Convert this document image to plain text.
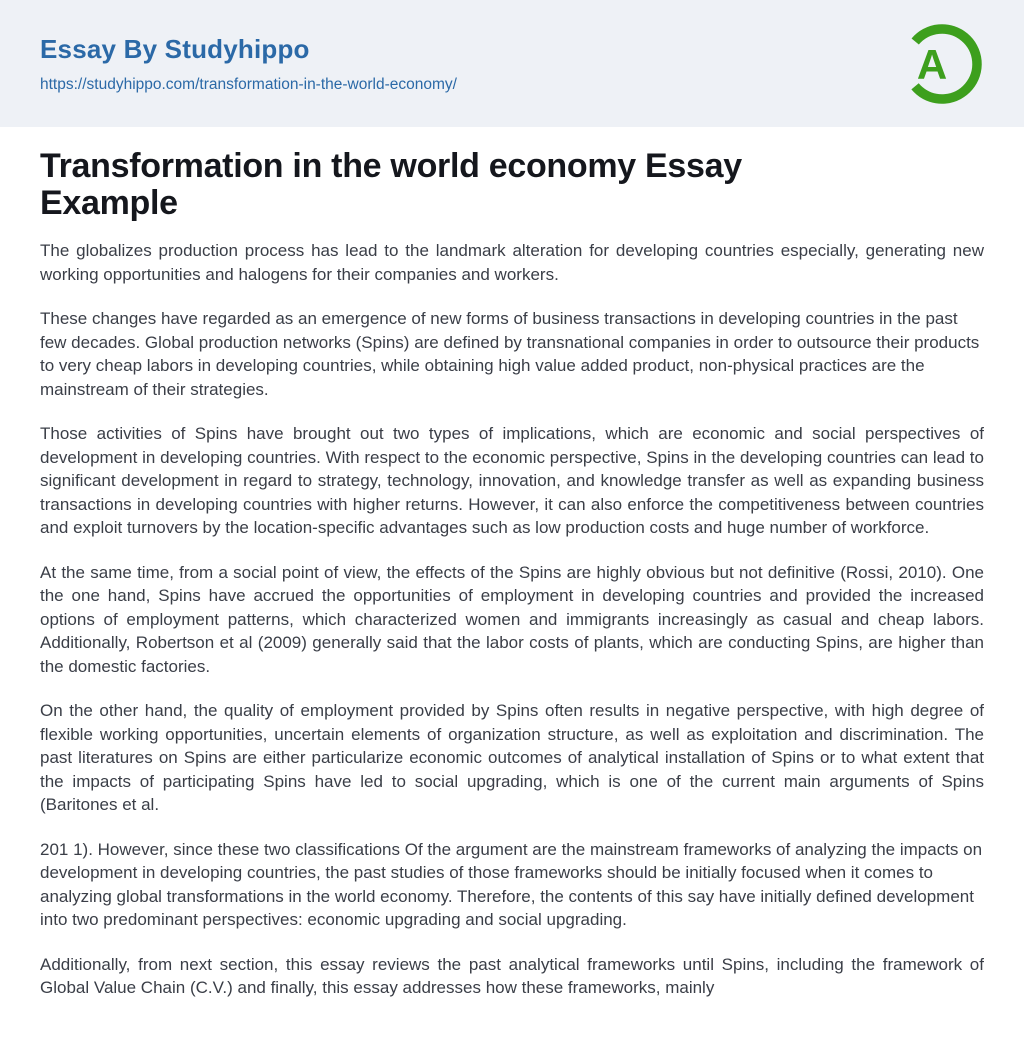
Essay By Studyhippo
https://studyhippo.com/transformation-in-the-world-economy/	A
Transformation in the world economy Essay Example

The globalizes production process has lead to the landmark alteration for developing countries especially, generating new working opportunities and halogens for their companies and workers.

These changes have regarded as an emergence of new forms of business transactions in developing countries in the past few decades. Global production networks (Spins) are defined by transnational companies in order to outsource their products to very cheap labors in developing countries, while obtaining high value added product, non-physical practices are the mainstream of their strategies.

Those activities of Spins have brought out two types of implications, which are economic and social perspectives of development in developing countries. With respect to the economic perspective, Spins in the developing countries can lead to significant development in regard to strategy, technology, innovation, and knowledge transfer as well as expanding business transactions in developing countries with higher returns. However, it can also enforce the competitiveness between countries and exploit turnovers by the location-specific advantages such as low production costs and huge number of workforce.

At the same time, from a social point of view, the effects of the Spins are highly obvious but not definitive (Rossi, 2010). One the one hand, Spins have accrued the opportunities of employment in developing countries and provided the increased options of employment patterns, which characterized women and immigrants increasingly as casual and cheap labors. Additionally, Robertson et al (2009) generally said that the labor costs of plants, which are conducting Spins, are higher than the domestic factories.

On the other hand, the quality of employment provided by Spins often results in negative perspective, with high degree of flexible working opportunities, uncertain elements of organization structure, as well as exploitation and discrimination. The past literatures on Spins are either particularize economic outcomes of analytical installation of Spins or to what extent that the impacts of participating Spins have led to social upgrading, which is one of the current main arguments of Spins (Baritones et al.

201 1). However, since these two classifications Of the argument are the mainstream frameworks of analyzing the impacts on development in developing countries, the past studies of those frameworks should be initially focused when it comes to analyzing global transformations in the world economy. Therefore, the contents of this say have initially defined development into two predominant perspectives: economic upgrading and social upgrading.

Additionally, from next section, this essay reviews the past analytical frameworks until Spins, including the framework of Global Value Chain (C.V.) and finally, this essay addresses how these frameworks, mainly
